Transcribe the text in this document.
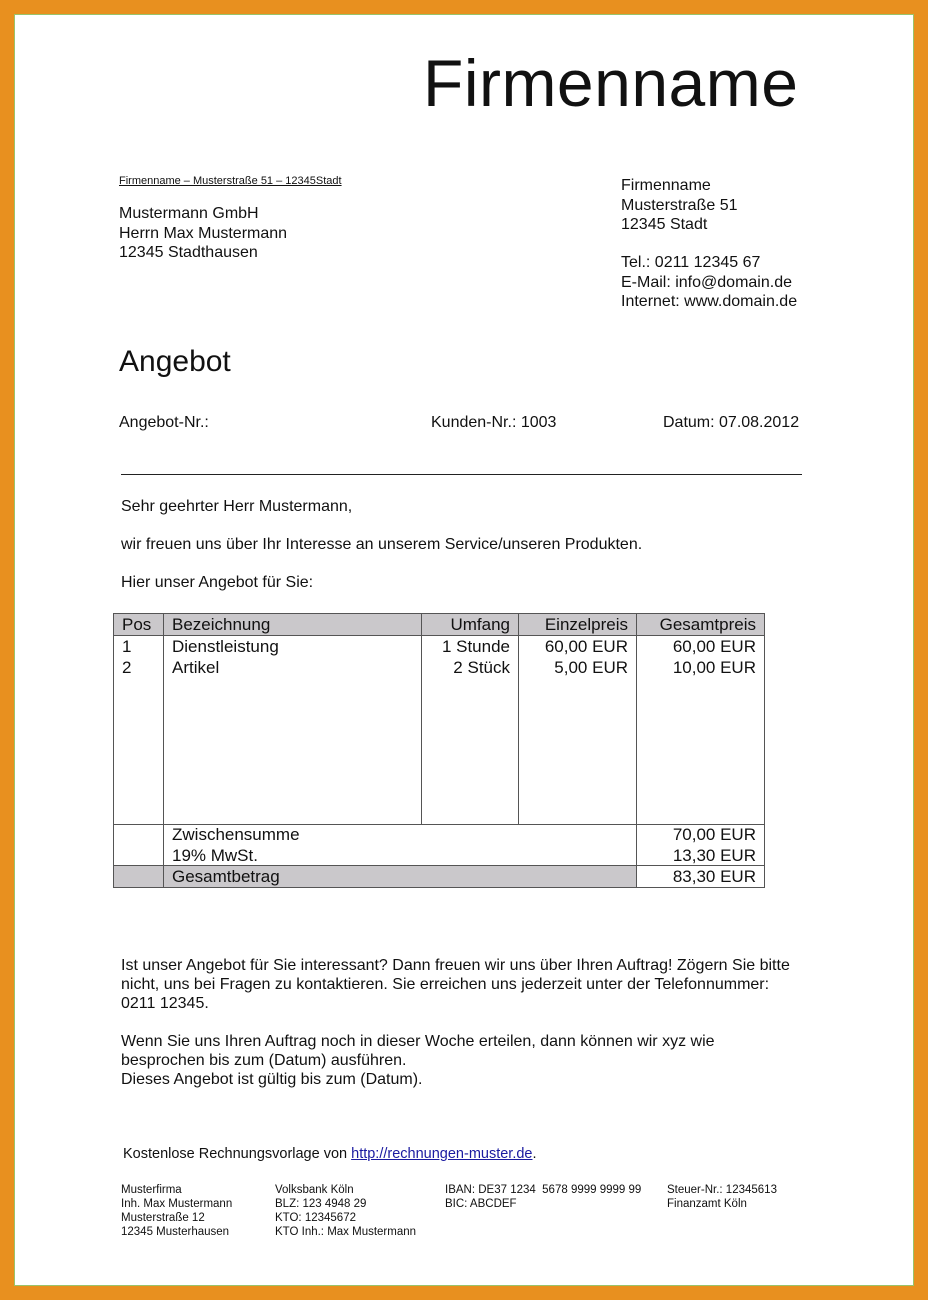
Firmenname
Firmenname – Musterstraße 51 – 12345Stadt
Mustermann GmbH
Herrn Max Mustermann
12345 Stadthausen
Firmenname
Musterstraße 51
12345 Stadt
Tel.: 0211 12345 67
E-Mail: info@domain.de
Internet: www.domain.de
Angebot
Angebot-Nr.:	Kunden-Nr.: 1003	Datum: 07.08.2012
Sehr geehrter Herr Mustermann,
wir freuen uns über Ihr Interesse an unserem Service/unseren Produkten.
Hier unser Angebot für Sie:
Pos Bezeichnung	Umfang	Einzelpreis	Gesamtpreis
1 Dienstleistung	1 Stunde	60,00 EUR	60,00 EUR
2 Artikel	2 Stück	5,00 EUR	10,00 EUR
Zwischensumme	70,00 EUR
19% MwSt.	13,30 EUR
Gesamtbetrag	83,30 EUR
Ist unser Angebot für Sie interessant? Dann freuen wir uns über Ihren Auftrag! Zögern Sie bitte nicht, uns bei Fragen zu kontaktieren. Sie erreichen uns jederzeit unter der Telefonnummer: 0211 12345.
Wenn Sie uns Ihren Auftrag noch in dieser Woche erteilen, dann können wir xyz wie
besprochen bis zum (Datum) ausführen.
Dieses Angebot ist gültig bis zum (Datum).
Kostenlose Rechnungsvorlage von http://rechnungen-muster.de.
Musterfirma
Inh. Max Mustermann
Musterstraße 12
12345 Musterhausen
Volksbank Köln
BLZ: 123 4948 29
KTO: 12345672
KTO Inh.: Max Mustermann
IBAN: DE37 1234  5678 9999 9999 99
BIC: ABCDEF
Steuer-Nr.: 12345613
Finanzamt Köln
